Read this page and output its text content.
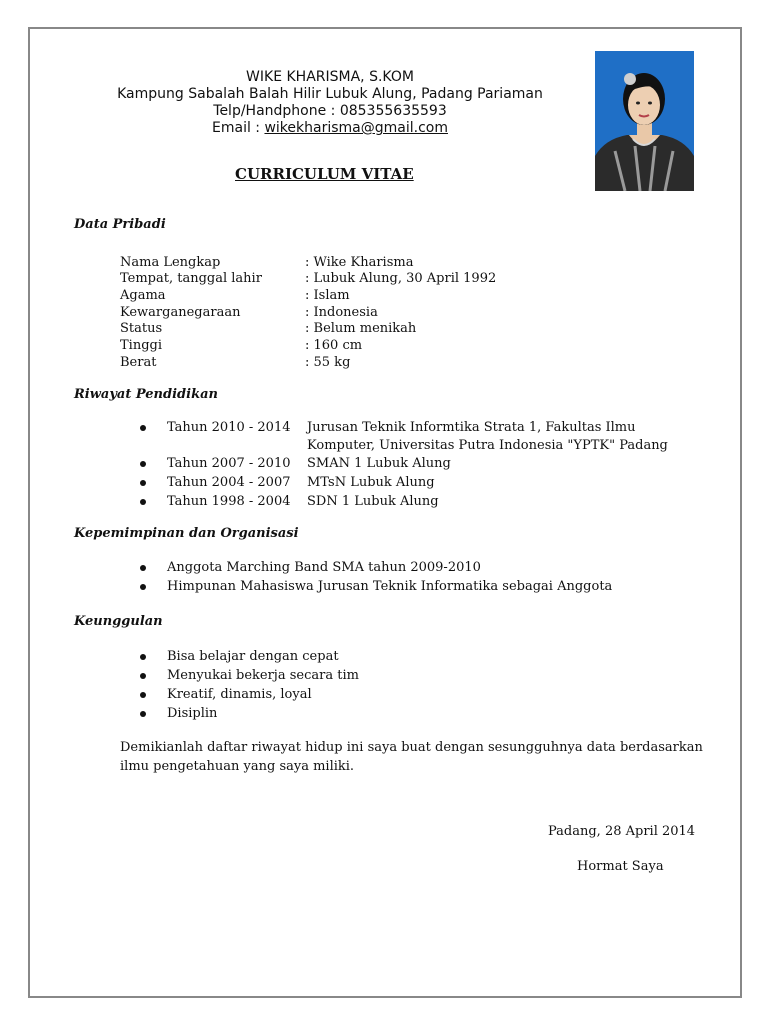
WIKE KHARISMA, S.KOM
Kampung Sabalah Balah Hilir Lubuk Alung, Padang Pariaman
Telp/Handphone : 085355635593
Email : wikekharisma@gmail.com
CURRICULUM VITAE
Data Pribadi
Nama Lengkap	: Wike Kharisma
Tempat, tanggal lahir	: Lubuk Alung, 30 April 1992
Agama	: Islam
Kewarganegaraan	: Indonesia
Status	: Belum menikah
Tinggi	: 160 cm
Berat	: 55 kg
Riwayat Pendidikan
Tahun 2010 - 2014 Jurusan Teknik Informtika Strata 1, Fakultas Ilmu Komputer, Universitas Putra Indonesia "YPTK" Padang
Tahun 2007 - 2010 SMAN 1 Lubuk Alung
Tahun 2004 - 2007 MTsN Lubuk Alung
Tahun 1998 - 2004 SDN 1 Lubuk Alung
Kepemimpinan dan Organisasi
Anggota Marching Band SMA tahun 2009-2010
Himpunan Mahasiswa Jurusan Teknik Informatika sebagai Anggota
Keunggulan
Bisa belajar dengan cepat
Menyukai bekerja secara tim
Kreatif, dinamis, loyal
Disiplin
Demikianlah daftar riwayat hidup ini saya buat dengan sesungguhnya data berdasarkan ilmu pengetahuan yang saya miliki.
Padang, 28 April 2014
Hormat Saya
